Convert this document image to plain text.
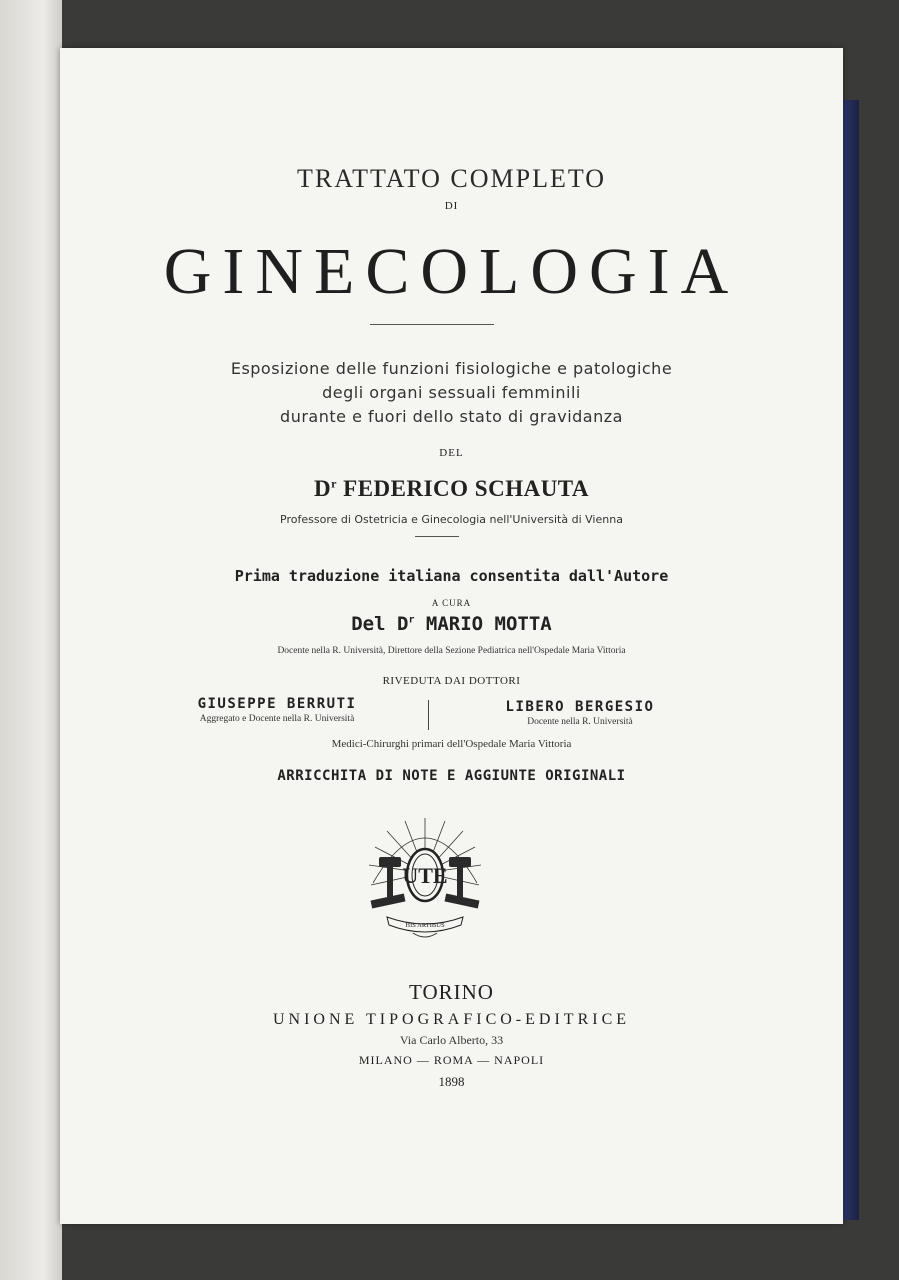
TRATTATO COMPLETO
DI
GINECOLOGIA
Esposizione delle funzioni fisiologiche e patologiche
degli organi sessuali femminili
durante e fuori dello stato di gravidanza
DEL
$D^r$ FEDERICO SCHAUTA
Professore di Ostetricia e Ginecologia nell'Università di Vienna
Prima traduzione italiana consentita dall'Autore
A CURA
Del $D^r$ MARIO MOTTA
Docente nella R. Università, Direttore della Sezione Pediatrica nell'Ospedale Maria Vittoria
RIVEDUTA DAI DOTTORI
GIUSEPPE BERRUTI
Aggregato e Docente nella R. Università
LIBERO BERGESIO
Docente nella R. Università
Medici-Chirurghi primari dell'Ospedale Maria Vittoria
ARRICCHITA DI NOTE E AGGIUNTE ORIGINALI
UTE
HIS ARTIBUS
TORINO
UNIONE TIPOGRAFICO-EDITRICE
Via Carlo Alberto, 33
MILANO — ROMA — NAPOLI
1898
